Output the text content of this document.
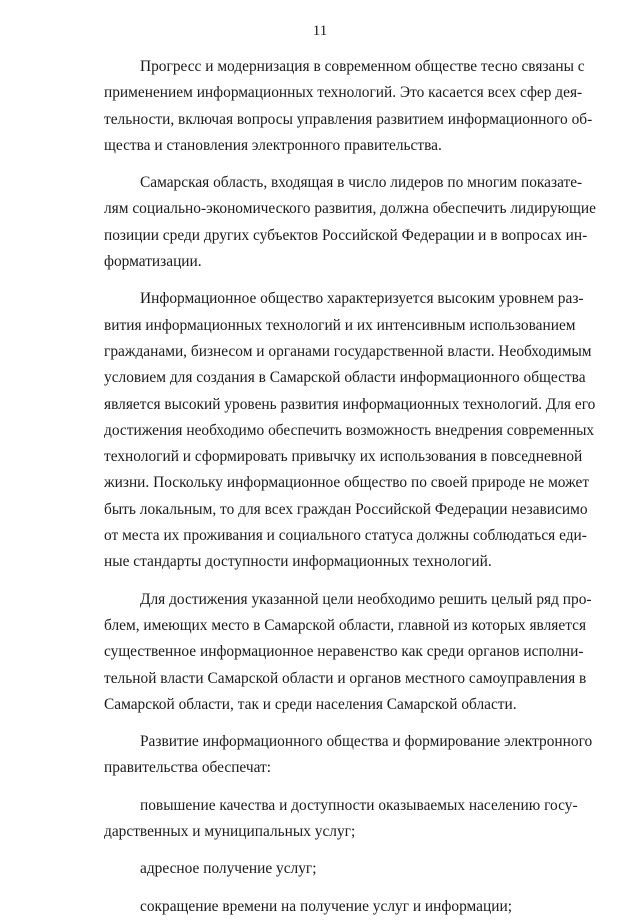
11
Прогресс и модернизация в современном обществе тесно связаны с
применением информационных технологий. Это касается всех сфер дея-
тельности, включая вопросы управления развитием информационного об-
щества и становления электронного правительства.
Самарская область, входящая в число лидеров по многим показате-
лям социально-экономического развития, должна обеспечить лидирующие
позиции среди других субъектов Российской Федерации и в вопросах ин-
форматизации.
Информационное общество характеризуется высоким уровнем раз-
вития информационных технологий и их интенсивным использованием
гражданами, бизнесом и органами государственной власти. Необходимым
условием для создания в Самарской области информационного общества
является высокий уровень развития информационных технологий. Для его
достижения необходимо обеспечить возможность внедрения современных
технологий и сформировать привычку их использования в повседневной
жизни. Поскольку информационное общество по своей природе не может
быть локальным, то для всех граждан Российской Федерации независимо
от места их проживания и социального статуса должны соблюдаться еди-
ные стандарты доступности информационных технологий.
Для достижения указанной цели необходимо решить целый ряд про-
блем, имеющих место в Самарской области, главной из которых является
существенное информационное неравенство как среди органов исполни-
тельной власти Самарской области и органов местного самоуправления в
Самарской области, так и среди населения Самарской области.
Развитие информационного общества и формирование электронного
правительства обеспечат:
повышение качества и доступности оказываемых населению госу-
дарственных и муниципальных услуг;
адресное получение услуг;
сокращение времени на получение услуг и информации;
